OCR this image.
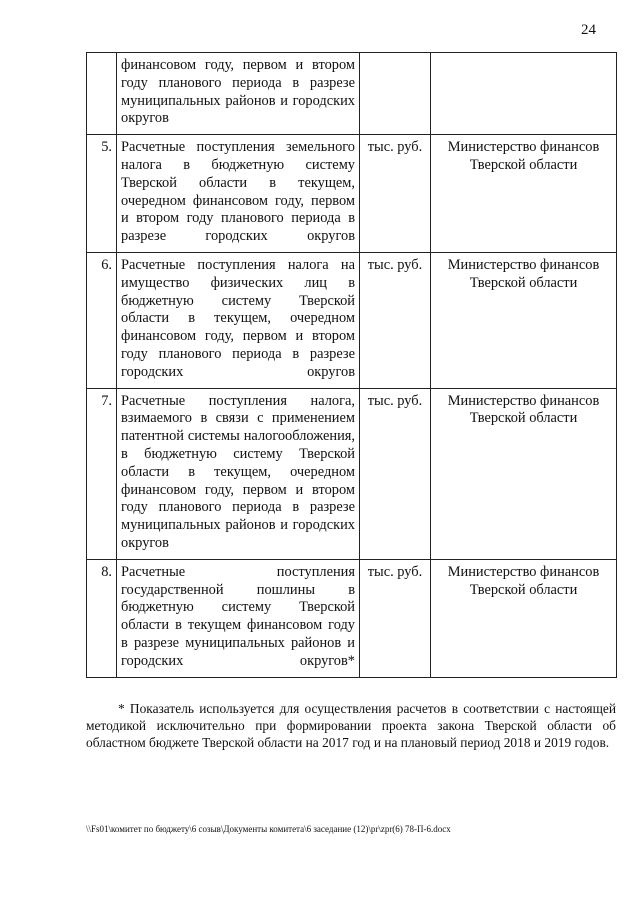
24
	финансовом году, первом и втором году планового периода в разрезе муниципальных районов и городских округов		
5.	Расчетные поступления земельного налога в бюджетную систему Тверской области в текущем, очередном финансовом году, первом и втором году планового периода в разрезе городских округов	тыс. руб.	Министерство финансов Тверской области
6.	Расчетные поступления налога на имущество физических лиц в бюджетную систему Тверской области в текущем, очередном финансовом году, первом и втором году планового периода в разрезе городских округов	тыс. руб.	Министерство финансов Тверской области
7.	Расчетные поступления налога, взимаемого в связи с применением патентной системы налогообложения, в бюджетную систему Тверской области в текущем, очередном финансовом году, первом и втором году планового периода в разрезе муниципальных районов и городских округов	тыс. руб.	Министерство финансов Тверской области
8.	Расчетные поступления государственной пошлины в бюджетную систему Тверской области в текущем финансовом году в разрезе муниципальных районов и городских округов*	тыс. руб.	Министерство финансов Тверской области
* Показатель используется для осуществления расчетов в соответствии с настоящей методикой исключительно при формировании проекта закона Тверской области об областном бюджете Тверской области на 2017 год и на плановый период 2018 и 2019 годов.
\\Fs01\комитет по бюджету\6 созыв\Документы комитета\6 заседание (12)\pr\zpr(6) 78-П-6.docx
